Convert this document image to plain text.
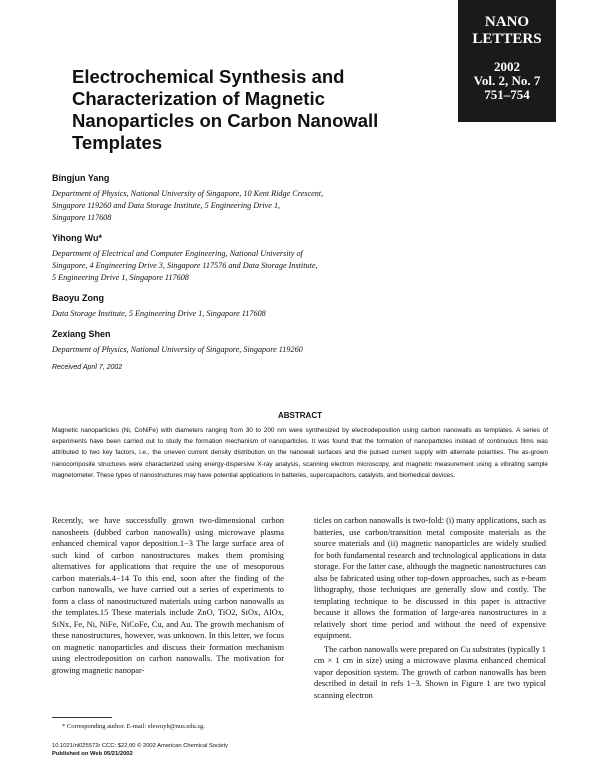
NANO
LETTERS
2002
Vol. 2, No. 7
751–754
Electrochemical Synthesis and
Characterization of Magnetic
Nanoparticles on Carbon Nanowall
Templates
Bingjun Yang
Department of Physics, National University of Singapore, 10 Kent Ridge Crescent,
Singapore 119260 and Data Storage Institute, 5 Engineering Drive 1,
Singapore 117608
Yihong Wu*
Department of Electrical and Computer Engineering, National University of
Singapore, 4 Engineering Drive 3, Singapore 117576 and Data Storage Institute,
5 Engineering Drive 1, Singapore 117608
Baoyu Zong
Data Storage Institute, 5 Engineering Drive 1, Singapore 117608
Zexiang Shen
Department of Physics, National University of Singapore, Singapore 119260
Received April 7, 2002
ABSTRACT
Magnetic nanoparticles (Ni, CoNiFe) with diameters ranging from 30 to 200 nm were synthesized by electrodeposition using carbon nanowalls as templates. A series of experiments have been carried out to study the formation mechanism of nanoparticles. It was found that the formation of nanoparticles instead of continuous films was attributed to two key factors, i.e., the uneven current density distribution on the nanowall surfaces and the pulsed current supply with alternate polarities. The as-grown nanocomposite structures were characterized using energy-dispersive X-ray analysis, scanning electron microscopy, and magnetic measurement using a vibrating sample magnetometer. These types of nanostructures may have potential applications in batteries, supercapacitors, catalysts, and biomedical devices.

Recently, we have successfully grown two-dimensional carbon nanosheets (dubbed carbon nanowalls) using microwave plasma enhanced chemical vapor deposition.1−3 The large surface area of such kind of carbon nanostructures makes them promising alternatives for applications that require the use of mesoporous carbon materials.4−14 To this end, soon after the finding of the carbon nanowalls, we have carried out a series of experiments to form a class of nanostructured materials using carbon nanowalls as the templates.15 These materials include ZnO, TiO2, SiOx, AlOx, SiNx, Fe, Ni, NiFe, NiCoFe, Cu, and Au. The growth mechanism of these nanostructures, however, was unknown. In this letter, we focus on magnetic nanoparticles and discuss their formation mechanism using electrodeposition on carbon nanowalls. The motivation for growing magnetic nanopar-

ticles on carbon nanowalls is two-fold: (i) many applications, such as batteries, use carbon/transition metal composite materials as the source materials and (ii) magnetic nanoparticles are widely studied for both fundamental research and technological applications in data storage. For the latter case, although the magnetic nanostructures can also be fabricated using other top-down approaches, such as e-beam lithography, those techniques are generally slow and costly. The templating technique to be discussed in this paper is attractive because it allows the formation of large-area nanostructures in a relatively short time period and without the need of expensive equipment.

The carbon nanowalls were prepared on Cu substrates (typically 1 cm × 1 cm in size) using a microwave plasma enhanced chemical vapor deposition system. The growth of carbon nanowalls has been described in detail in refs 1−3. Shown in Figure 1 are two typical scanning electron

* Corresponding author. E-mail: elewuyh@nus.edu.sg.
10.1021/nl025572r CCC: $22.00 © 2002 American Chemical Society
Published on Web 05/21/2002
